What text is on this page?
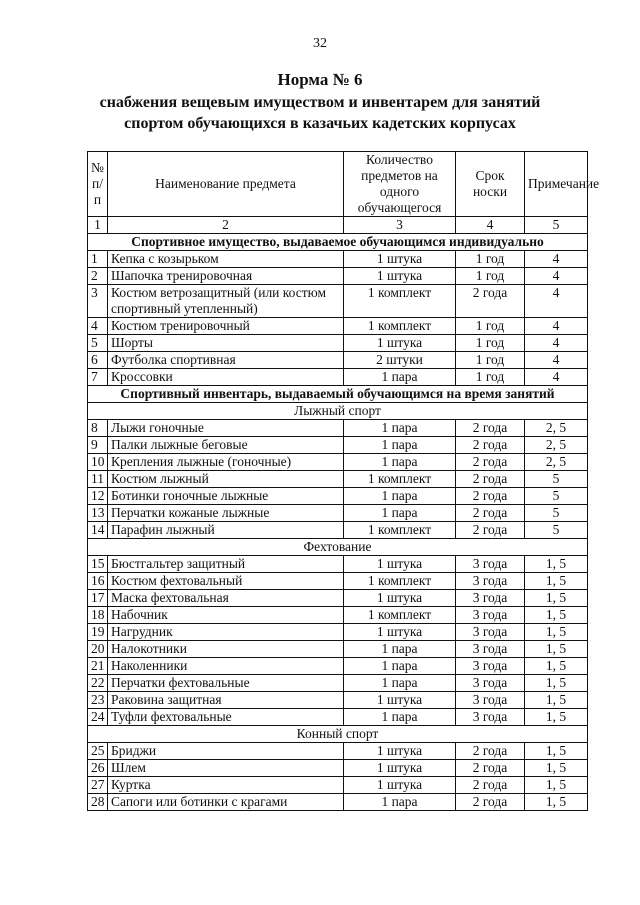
32
Норма № 6
снабжения вещевым имуществом и инвентарем для занятий
спортом обучающихся в казачьих кадетских корпусах
№ п/п	Наименование предмета	Количество предметов на одного обучающегося	Срок носки	Примечание
1	2	3	4	5
Спортивное имущество, выдаваемое обучающимся индивидуально				
1	Кепка с козырьком	1 штука	1 год	4
2	Шапочка тренировочная	1 штука	1 год	4
3	Костюм ветрозащитный (или костюм спортивный утепленный)	1 комплект	2 года	4
4	Костюм тренировочный	1 комплект	1 год	4
5	Шорты	1 штука	1 год	4
6	Футболка спортивная	2 штуки	1 год	4
7	Кроссовки	1 пара	1 год	4
Спортивный инвентарь, выдаваемый обучающимся на время занятий				
Лыжный спорт				
8	Лыжи гоночные	1 пара	2 года	2, 5
9	Палки лыжные беговые	1 пара	2 года	2, 5
10	Крепления лыжные (гоночные)	1 пара	2 года	2, 5
11	Костюм лыжный	1 комплект	2 года	5
12	Ботинки гоночные лыжные	1 пара	2 года	5
13	Перчатки кожаные лыжные	1 пара	2 года	5
14	Парафин лыжный	1 комплект	2 года	5
Фехтование				
15	Бюстгальтер защитный	1 штука	3 года	1, 5
16	Костюм фехтовальный	1 комплект	3 года	1, 5
17	Маска фехтовальная	1 штука	3 года	1, 5
18	Набочник	1 комплект	3 года	1, 5
19	Нагрудник	1 штука	3 года	1, 5
20	Налокотники	1 пара	3 года	1, 5
21	Наколенники	1 пара	3 года	1, 5
22	Перчатки фехтовальные	1 пара	3 года	1, 5
23	Раковина защитная	1 штука	3 года	1, 5
24	Туфли фехтовальные	1 пара	3 года	1, 5
Конный спорт				
25	Бриджи	1 штука	2 года	1, 5
26	Шлем	1 штука	2 года	1, 5
27	Куртка	1 штука	2 года	1, 5
28	Сапоги или ботинки с крагами	1 пара	2 года	1, 5
